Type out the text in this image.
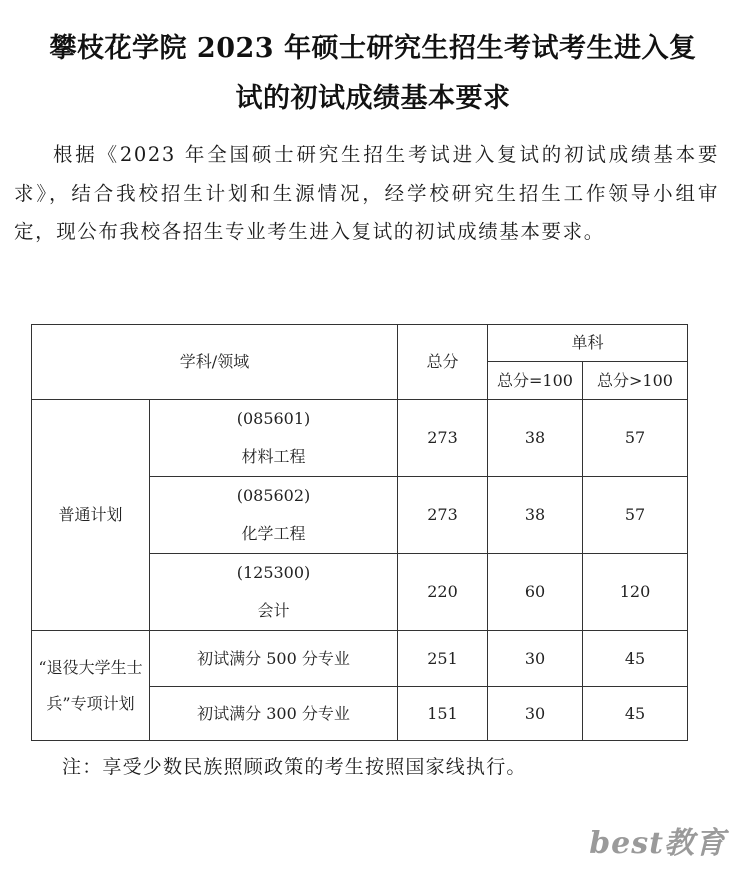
攀枝花学院 2023 年硕士研究生招生考试考生进入复
试的初试成绩基本要求

根据《2023 年全国硕士研究生招生考试进入复试的初试成绩基本要求》，结合我校招生计划和生源情况，经学校研究生招生工作领导小组审定，现公布我校各招生专业考生进入复试的初试成绩基本要求。

学科/领域		总分	单科	
			总分=100	总分>100
普通计划	(085601)
材料工程	273	38	57

	(085602)
化学工程	273	38	57

	(125300)
会计	220	60	120
“退役大学生士兵”专项计划	初试满分 500 分专业	251	30	45
	初试满分 300 分专业	151	30	45
注：享受少数民族照顾政策的考生按照国家线执行。
best教育
